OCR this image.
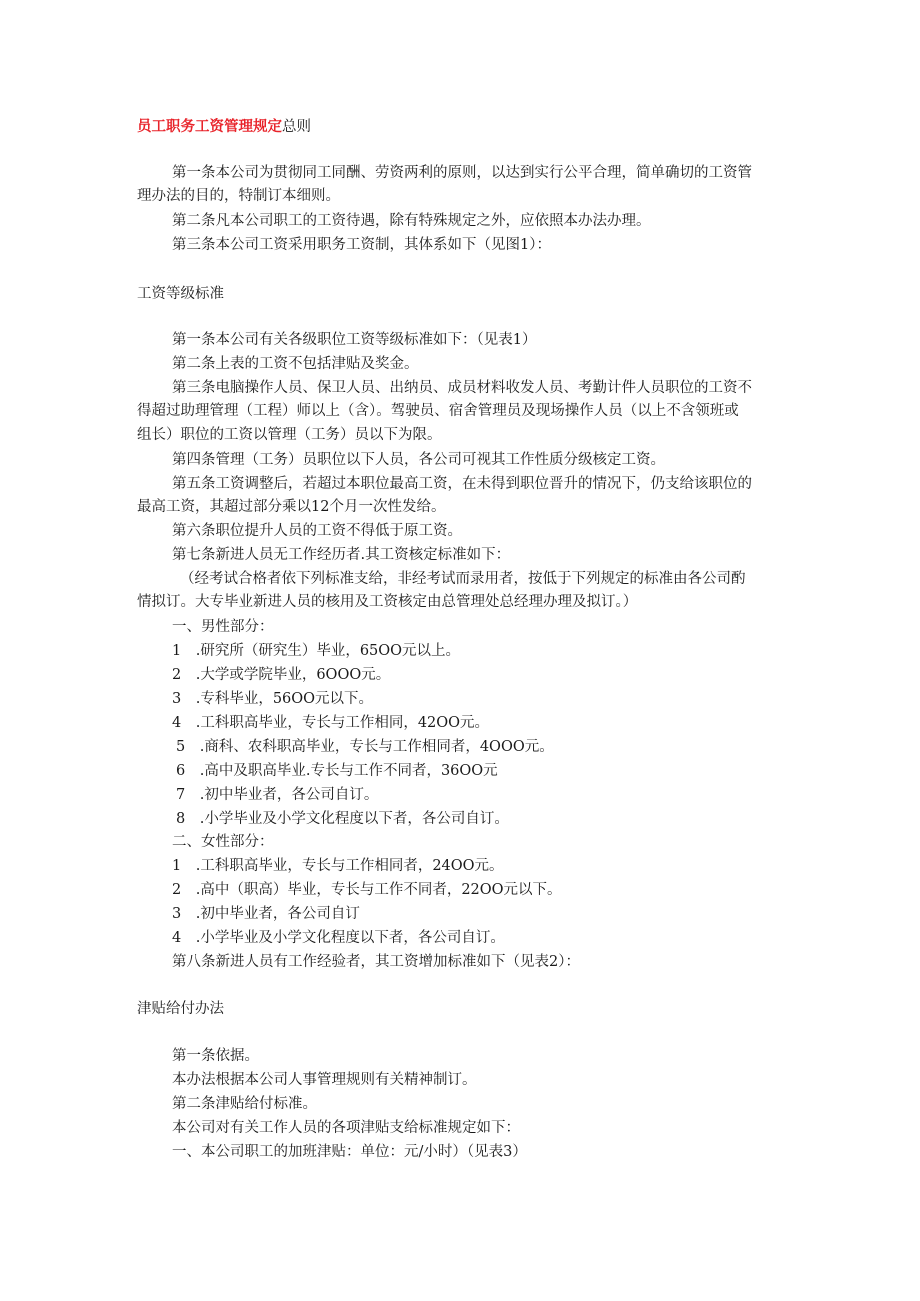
员工职务工资管理规定总则

第一条本公司为贯彻同工同酬、劳资两利的原则，以达到实行公平合理，简单确切的工资管

理办法的目的，特制订本细则。

第二条凡本公司职工的工资待遇，除有特殊规定之外，应依照本办法办理。

第三条本公司工资采用职务工资制，其体系如下（见图1）：

工资等级标准

第一条本公司有关各级职位工资等级标准如下：（见表1）

第二条上表的工资不包括津贴及奖金。

第三条电脑操作人员、保卫人员、出纳员、成员材料收发人员、考勤计件人员职位的工资不

得超过助理管理（工程）师以上（含）。驾驶员、宿舍管理员及现场操作人员（以上不含领班或

组长）职位的工资以管理（工务）员以下为限。

第四条管理（工务）员职位以下人员，各公司可视其工作性质分级核定工资。

第五条工资调整后，若超过本职位最高工资，在未得到职位晋升的情况下，仍支给该职位的

最高工资，其超过部分乘以12个月一次性发给。

第六条职位提升人员的工资不得低于原工资。

第七条新进人员无工作经历者.其工资核定标准如下：

（经考试合格者依下列标准支给，非经考试而录用者，按低于下列规定的标准由各公司酌

情拟订。大专毕业新进人员的核用及工资核定由总管理处总经理办理及拟订。）

一、男性部分：

1　.研究所（研究生）毕业，65OO元以上。

2　.大学或学院毕业，6OOO元。

3　.专科毕业，56OO元以下。

4　.工科职高毕业，专长与工作相同，42OO元。

5　.商科、农科职高毕业，专长与工作相同者，4OOO元。

6　.高中及职高毕业.专长与工作不同者，36OO元

7　.初中毕业者，各公司自订。

8　.小学毕业及小学文化程度以下者，各公司自订。

二、女性部分：

1　.工科职高毕业，专长与工作相同者，24OO元。

2　.高中（职高）毕业，专长与工作不同者，22OO元以下。

3　.初中毕业者，各公司自订

4　.小学毕业及小学文化程度以下者，各公司自订。

第八条新进人员有工作经验者，其工资增加标准如下（见表2）：

津贴给付办法

第一条依据。

本办法根据本公司人事管理规则有关精神制订。

第二条津贴给付标准。

本公司对有关工作人员的各项津贴支给标准规定如下：

一、本公司职工的加班津贴：单位：元/小时）（见表3）
